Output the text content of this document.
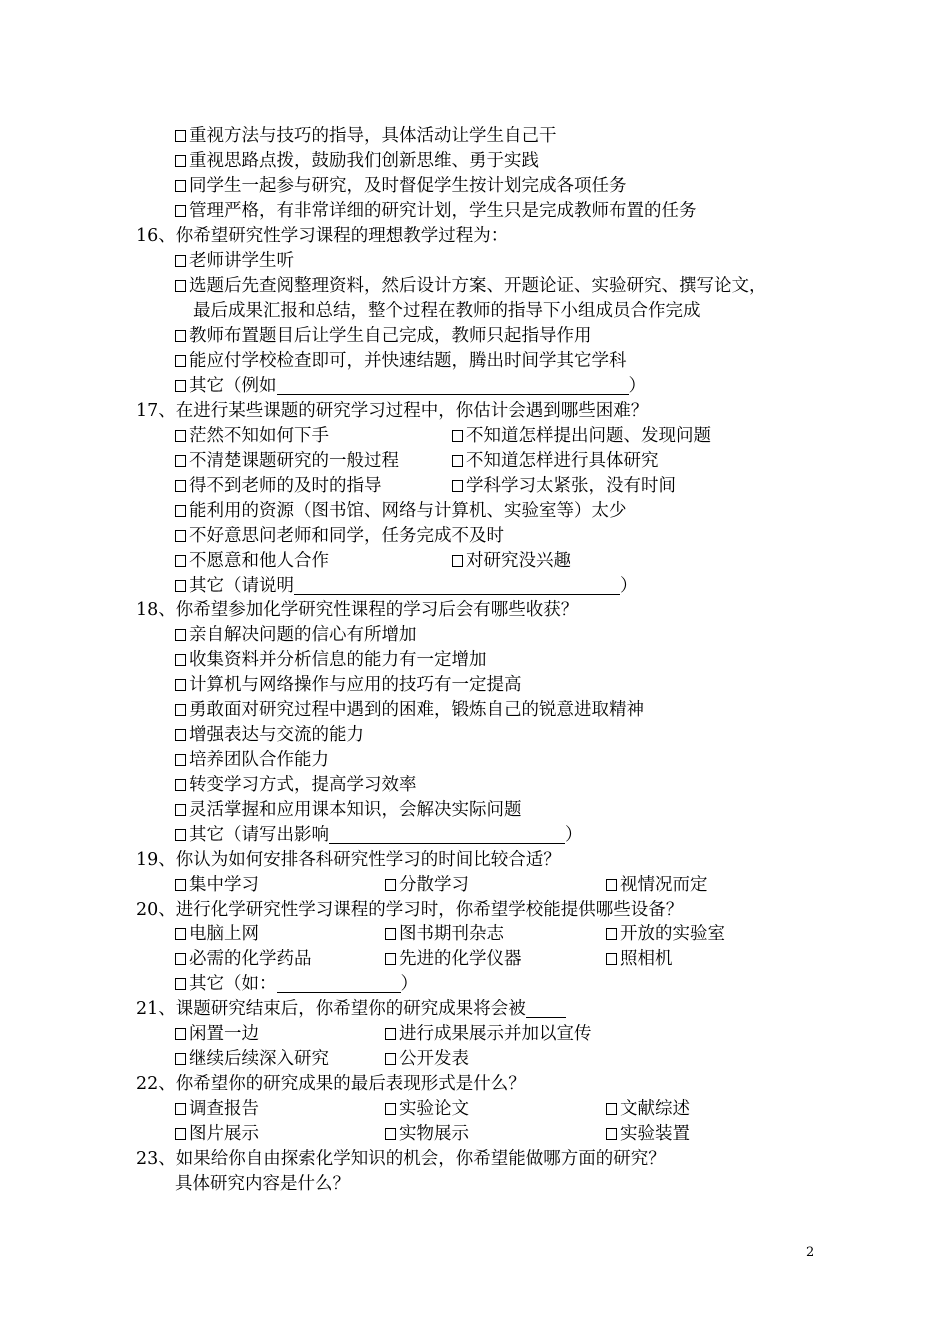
重视方法与技巧的指导，具体活动让学生自己干
重视思路点拨，鼓励我们创新思维、勇于实践
同学生一起参与研究，及时督促学生按计划完成各项任务
管理严格，有非常详细的研究计划，学生只是完成教师布置的任务
16、你希望研究性学习课程的理想教学过程为：
老师讲学生听
选题后先查阅整理资料，然后设计方案、开题论证、实验研究、撰写论文，
最后成果汇报和总结，整个过程在教师的指导下小组成员合作完成
教师布置题目后让学生自己完成，教师只起指导作用
能应付学校检查即可，并快速结题，腾出时间学其它学科
其它（例如	）
17、在进行某些课题的研究学习过程中，你估计会遇到哪些困难？
茫然不知如何下手	不知道怎样提出问题、发现问题
不清楚课题研究的一般过程	不知道怎样进行具体研究
得不到老师的及时的指导	学科学习太紧张，没有时间
能利用的资源（图书馆、网络与计算机、实验室等）太少
不好意思问老师和同学，任务完成不及时
不愿意和他人合作	对研究没兴趣
其它（请说明	）
18、你希望参加化学研究性课程的学习后会有哪些收获？
亲自解决问题的信心有所增加
收集资料并分析信息的能力有一定增加
计算机与网络操作与应用的技巧有一定提高
勇敢面对研究过程中遇到的困难，锻炼自己的锐意进取精神
增强表达与交流的能力
培养团队合作能力
转变学习方式，提高学习效率
灵活掌握和应用课本知识，会解决实际问题
其它（请写出影响	）
19、你认为如何安排各科研究性学习的时间比较合适？
集中学习	分散学习	视情况而定
20、进行化学研究性学习课程的学习时，你希望学校能提供哪些设备？
电脑上网	图书期刊杂志	开放的实验室
必需的化学药品	先进的化学仪器	照相机
其它（如：	）
21、课题研究结束后，你希望你的研究成果将会被
闲置一边	进行成果展示并加以宣传
继续后续深入研究	公开发表
22、你希望你的研究成果的最后表现形式是什么？
调查报告	实验论文	文献综述
图片展示	实物展示	实验装置
23、如果给你自由探索化学知识的机会，你希望能做哪方面的研究？
具体研究内容是什么？
2
